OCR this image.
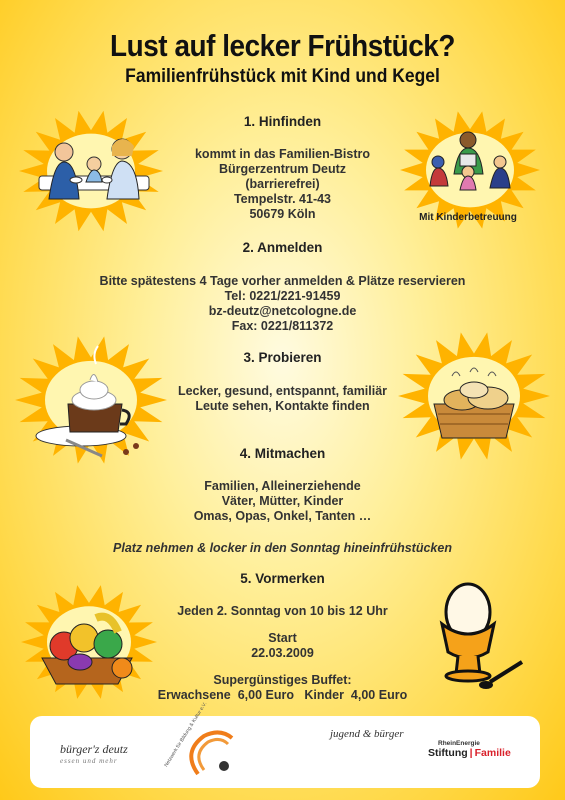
Lust auf lecker Frühstück?
Familienfrühstück mit Kind und Kegel
Mit Kinderbetreuung
1. Hinfinden
kommt in das Familien-Bistro
Bürgerzentrum Deutz
(barrierefrei)
Tempelstr. 41-43
50679 Köln
2. Anmelden
Bitte spätestens 4 Tage vorher anmelden & Plätze reservieren
Tel: 0221/221-91459
bz-deutz@netcologne.de
Fax: 0221/811372
3. Probieren
Lecker, gesund, entspannt, familiär
Leute sehen, Kontakte finden
4. Mitmachen
Familien, Alleinerziehende
Väter, Mütter, Kinder
Omas, Opas, Onkel, Tanten …
Platz nehmen & locker in den Sonntag hineinfrühstücken
5. Vormerken
Jeden 2. Sonntag von 10 bis 12 Uhr
Start
22.03.2009
Supergünstiges Buffet:
Erwachsene  6,00 Euro   Kinder  4,00 Euro
bürger'z deutz
essen und mehr	Netzwerk für Bildung & Kultur e.V.	jugend & bürger
Deutz	RheinEnergie
Stiftung | Familie
